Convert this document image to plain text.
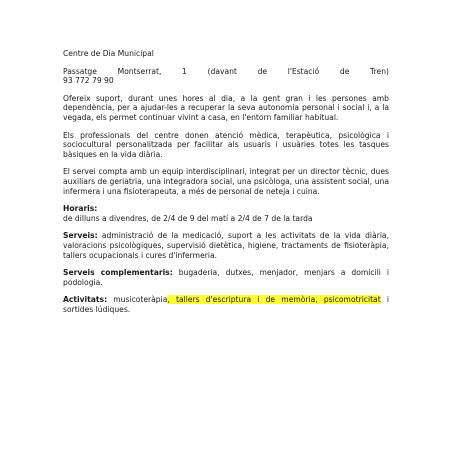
Centre de Dia Municipal

Passatge	Montserrat,	1	(davant	de	l'Estació	de	Tren)
93 772 79 90

Ofereix suport, durant unes hores al dia, a la gent gran i les persones amb dependència, per a ajudar-les a recuperar la seva autonomia personal i social i, a la vegada, els permet continuar vivint a casa, en l'entorn familiar habitual.

Els professionals del centre donen atenció mèdica, terapèutica, psicològica i sociocultural personalitzada per facilitar als usuaris i usuàries totes les tasques bàsiques en la vida diària.

El servei compta amb un equip interdisciplinari, integrat per un director tècnic, dues auxiliars de geriatria, una integradora social, una psicòloga, una assistent social, una infermera i una fisioterapeuta, a més de personal de neteja i cuina.

Horaris:
de dilluns a divendres, de 2/4 de 9 del matí a 2/4 de 7 de la tarda

Serveis: administració de la medicació, suport a les activitats de la vida diària, valoracions psicològiques, supervisió dietètica, higiene, tractaments de fisioteràpia, tallers ocupacionals i cures d'infermeria.

Serveis complementaris: bugaderia, dutxes, menjador, menjars a domicili i podologia.

Activitats: musicoteràpia, tallers d'escriptura i de memòria, psicomotricitat i sortides lúdiques.
